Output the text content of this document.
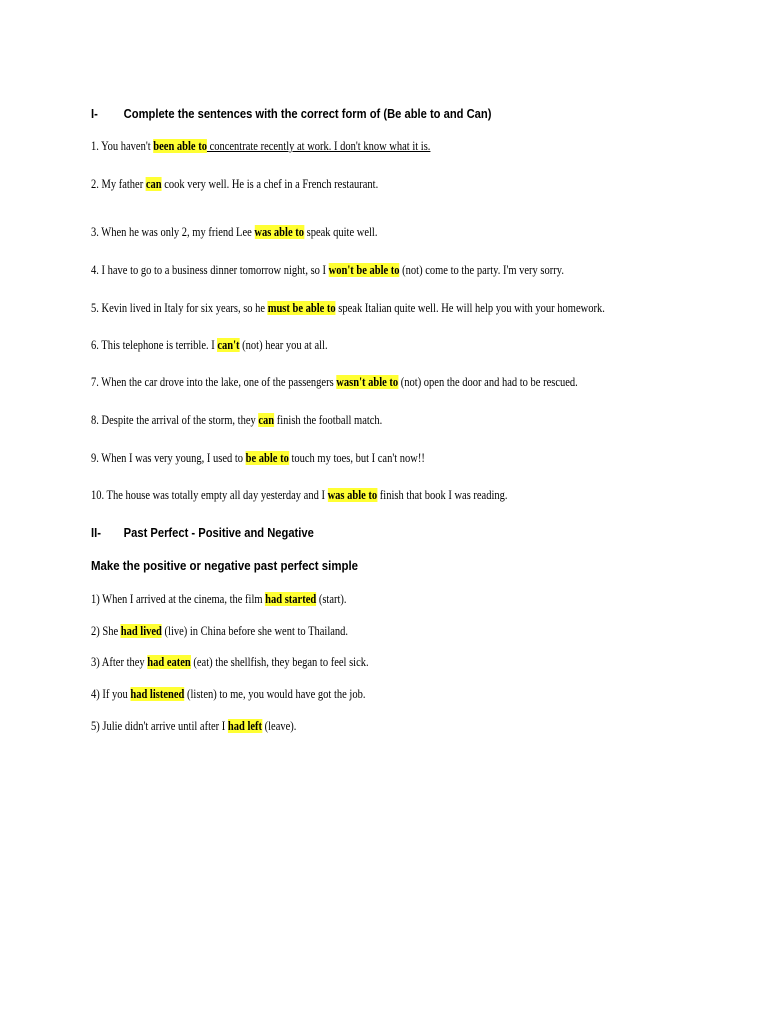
I- Complete the sentences with the correct form of (Be able to and Can)
1. You haven't been able to concentrate recently at work. I don't know what it is.
2. My father can cook very well. He is a chef in a French restaurant.
3. When he was only 2, my friend Lee was able to speak quite well.
4. I have to go to a business dinner tomorrow night, so I won't be able to (not) come to the party. I'm very sorry.
5. Kevin lived in Italy for six years, so he must be able to speak Italian quite well. He will help you with your homework.
6. This telephone is terrible. I can't (not) hear you at all.
7. When the car drove into the lake, one of the passengers wasn't able to (not) open the door and had to be rescued.
8. Despite the arrival of the storm, they can finish the football match.
9. When I was very young, I used to be able to touch my toes, but I can't now!!
10. The house was totally empty all day yesterday and I was able to finish that book I was reading.
II- Past Perfect - Positive and Negative
Make the positive or negative past perfect simple
1) When I arrived at the cinema, the film had started (start).
2) She had lived (live) in China before she went to Thailand.
3) After they had eaten (eat) the shellfish, they began to feel sick.
4) If you had listened (listen) to me, you would have got the job.
5) Julie didn't arrive until after I had left (leave).
